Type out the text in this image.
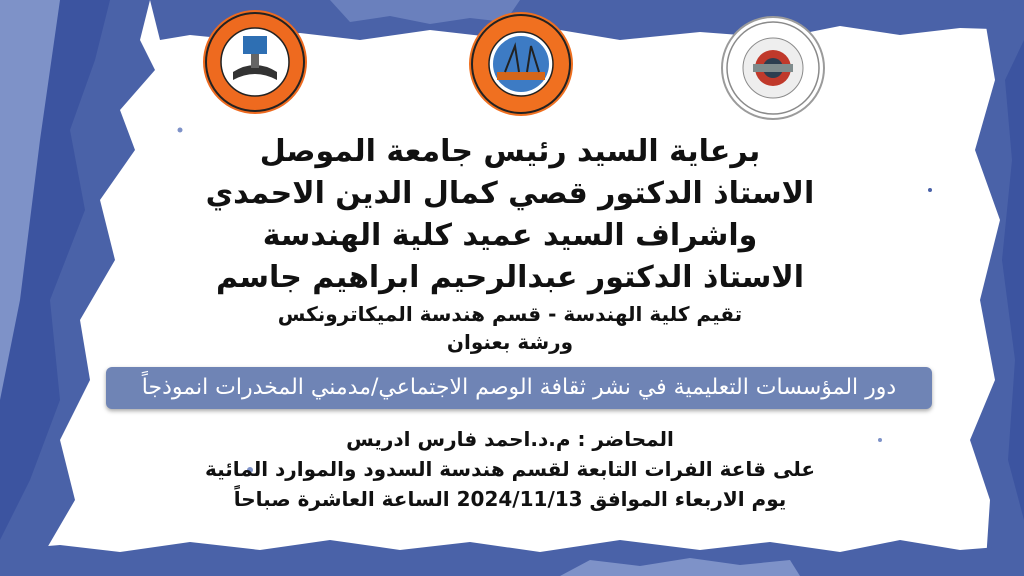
برعاية السيد رئيس جامعة الموصل
الاستاذ الدكتور قصي كمال الدين الاحمدي
واشراف السيد عميد كلية الهندسة
الاستاذ الدكتور عبدالرحيم ابراهيم جاسم
تقيم كلية الهندسة - قسم هندسة الميكاترونكس
ورشة بعنوان
دور المؤسسات التعليمية في نشر ثقافة الوصم الاجتماعي/مدمني المخدرات انموذجاً
المحاضر : م.د.احمد فارس ادريس
على قاعة الفرات التابعة لقسم هندسة السدود والموارد المائية
يوم الاربعاء الموافق 2024/11/13 الساعة العاشرة صباحاً
